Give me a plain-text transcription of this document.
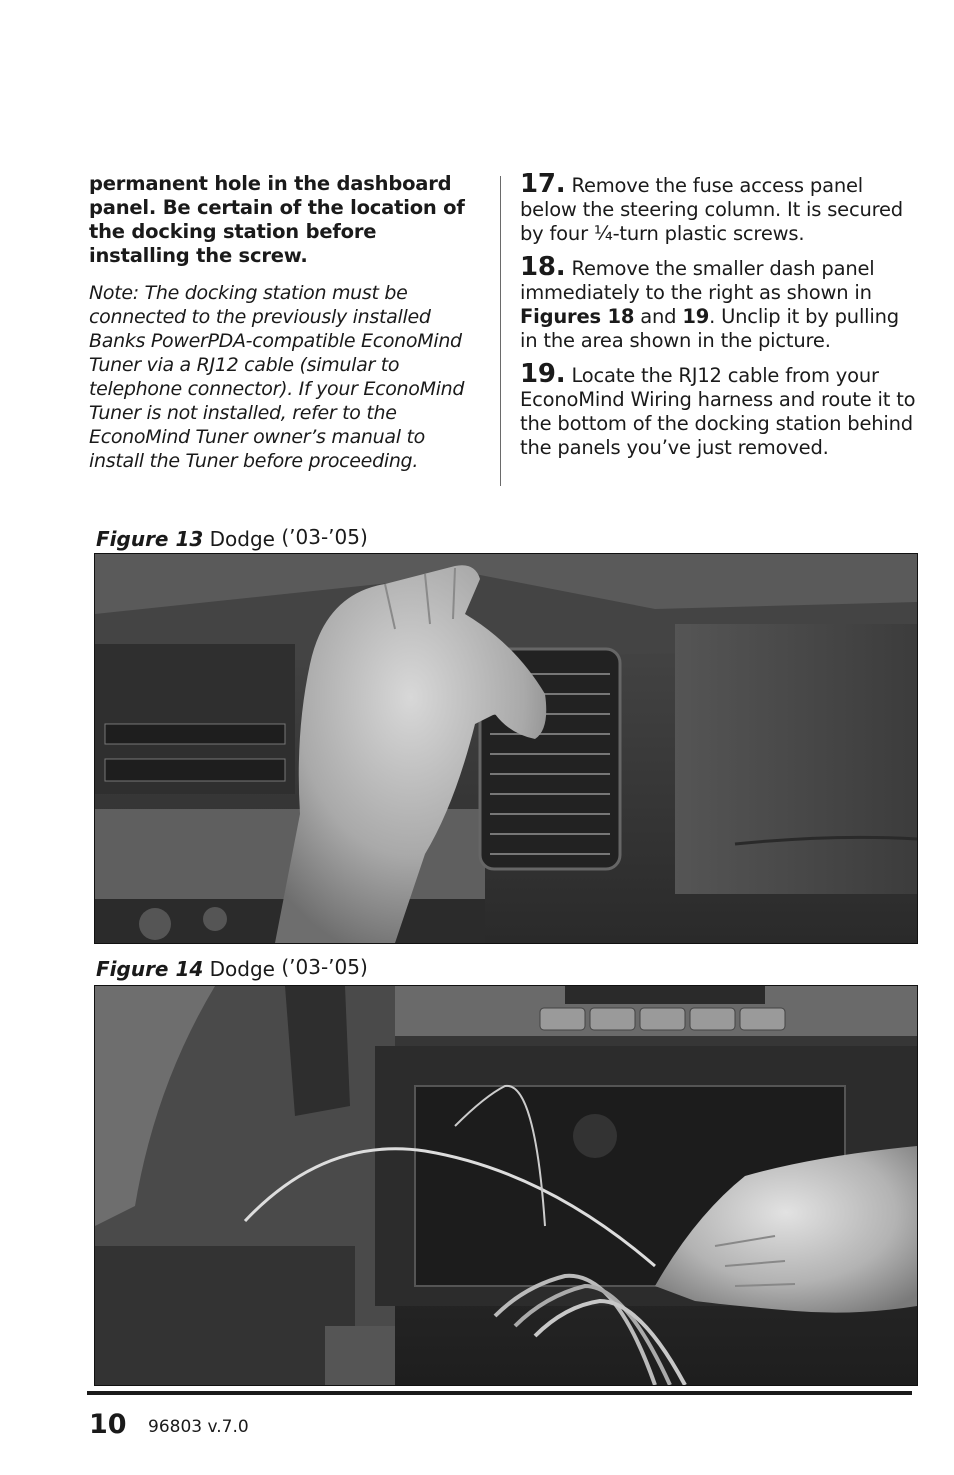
permanent hole in the dashboard panel. Be certain of the location of the docking station before installing the screw.

Note: The docking station must be connected to the previously installed Banks PowerPDA-compatible EconoMind Tuner via a RJ12 cable (simular to telephone connector). If your EconoMind Tuner is not installed, refer to the EconoMind Tuner owner’s manual to install the Tuner before proceeding.

17. Remove the fuse access panel below the steering column. It is secured by four ¼-turn plastic screws.

18. Remove the smaller dash panel immediately to the right as shown in Figures 18 and 19. Unclip it by pulling in the area shown in the picture.

19. Locate the RJ12 cable from your EconoMind Wiring harness and route it to the bottom of the docking station behind the panels you’ve just removed.

Figure 13 Dodge (’03-’05)
Figure 14 Dodge (’03-’05)
10 96803 v.7.0
